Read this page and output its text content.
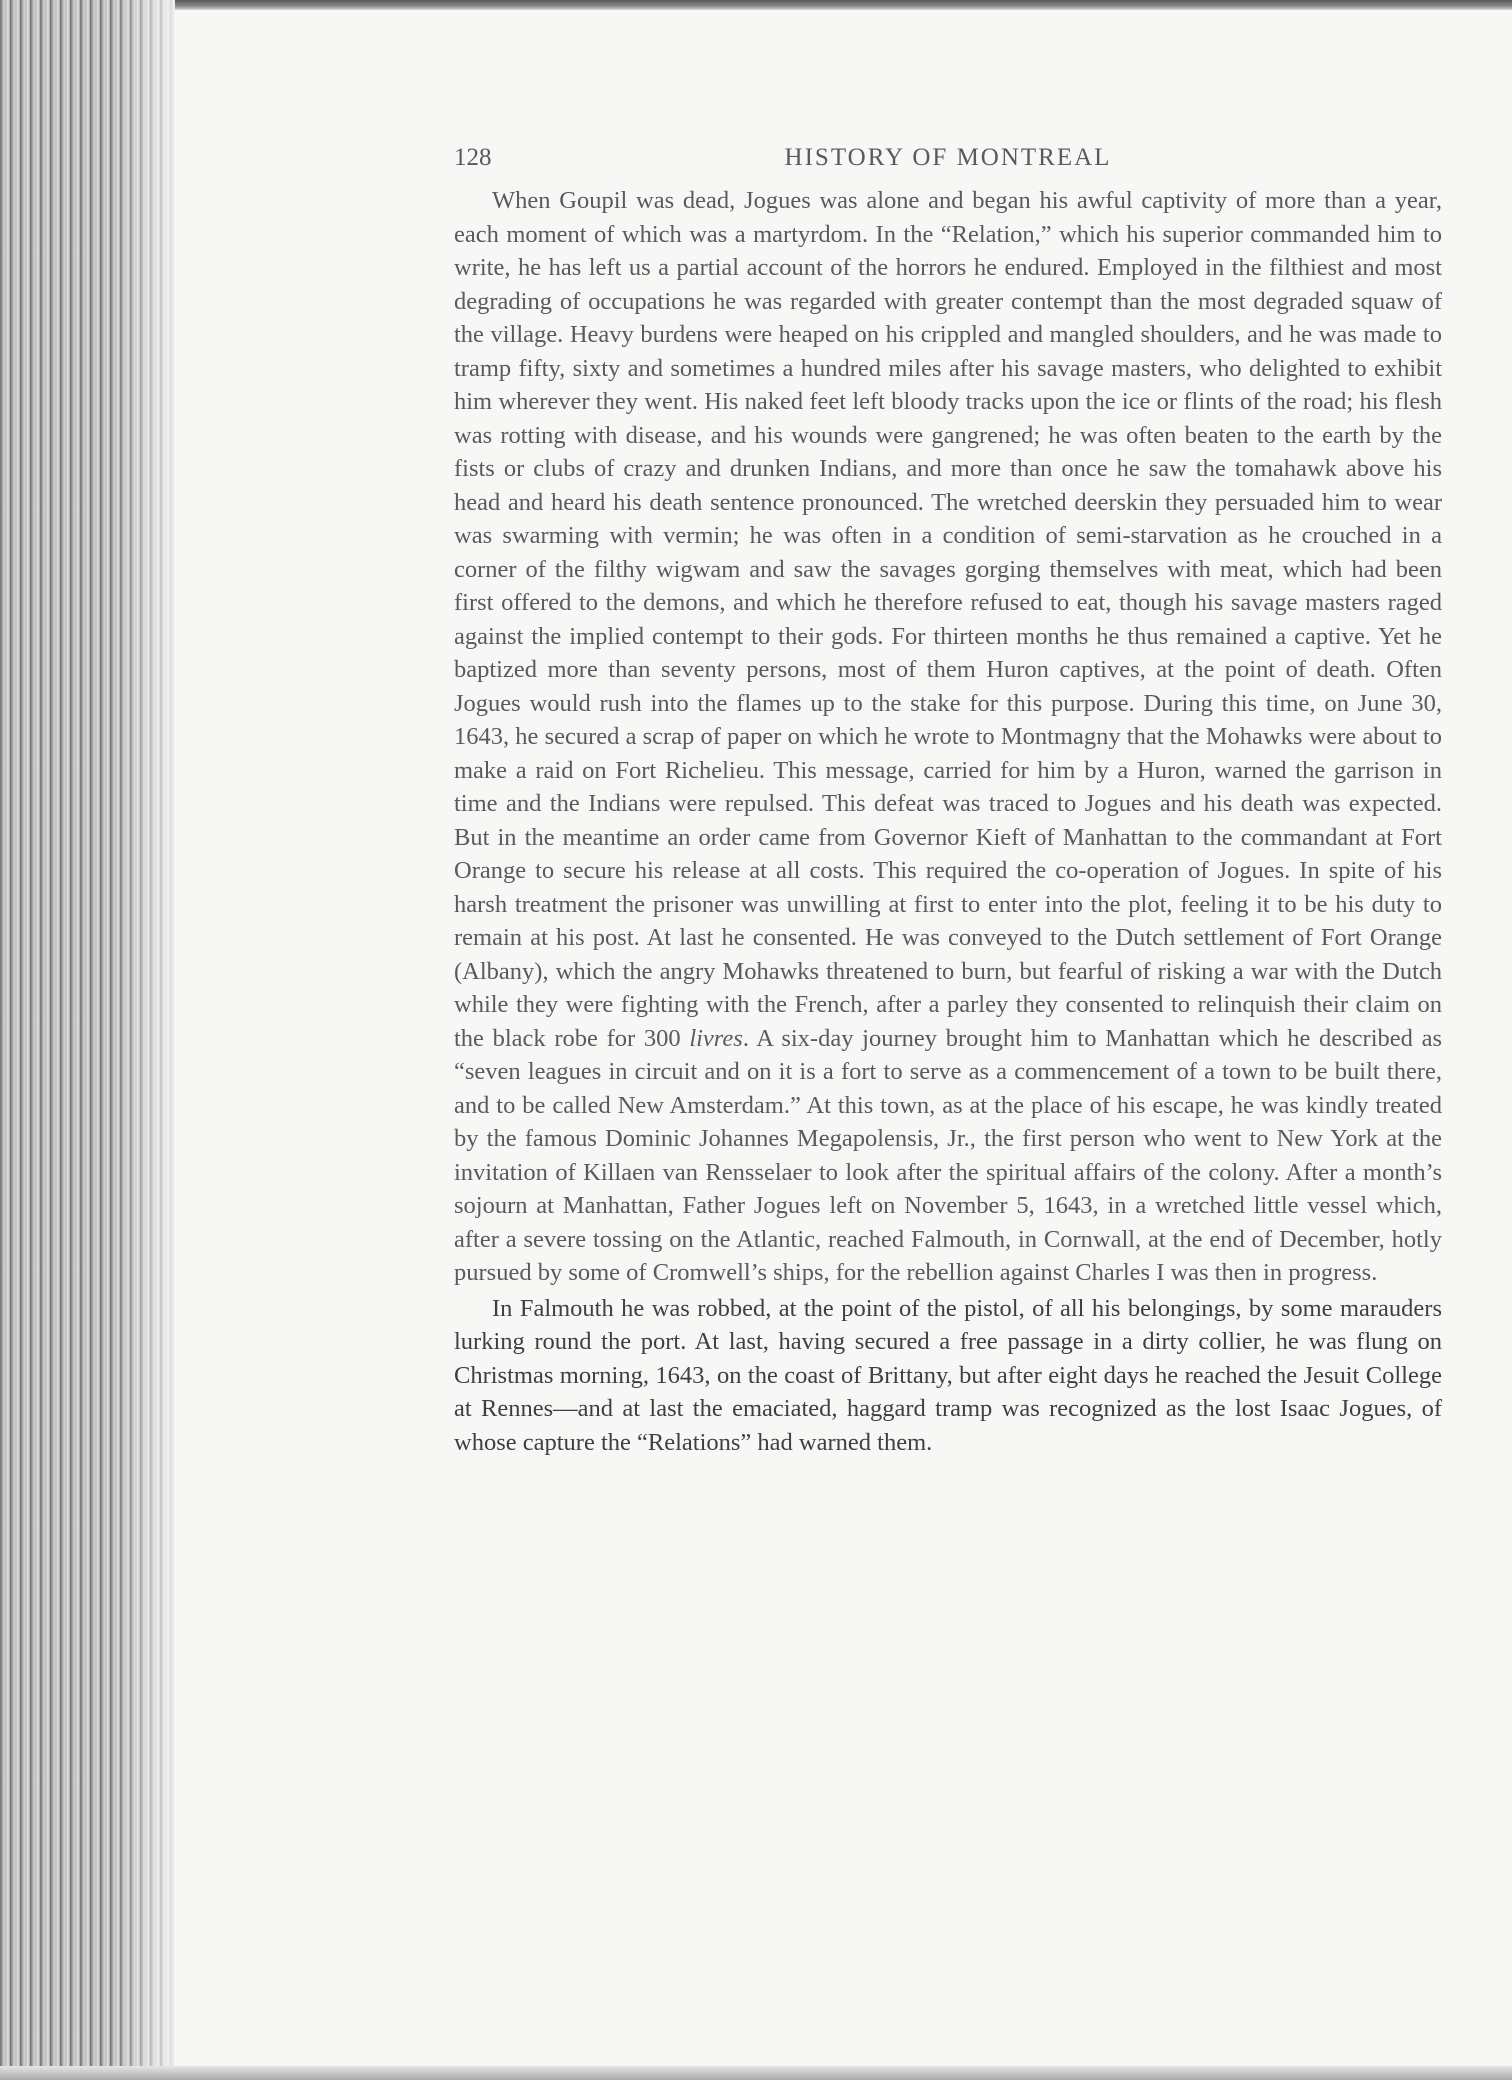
128	HISTORY OF MONTREAL

When Goupil was dead, Jogues was alone and began his awful captivity of more than a year, each moment of which was a martyrdom. In the “Relation,” which his superior commanded him to write, he has left us a partial account of the horrors he endured. Employed in the filthiest and most degrading of occupations he was regarded with greater contempt than the most degraded squaw of the village. Heavy burdens were heaped on his crippled and mangled shoulders, and he was made to tramp fifty, sixty and sometimes a hundred miles after his savage masters, who delighted to exhibit him wherever they went. His naked feet left bloody tracks upon the ice or flints of the road; his flesh was rotting with disease, and his wounds were gangrened; he was often beaten to the earth by the fists or clubs of crazy and drunken Indians, and more than once he saw the tomahawk above his head and heard his death sentence pronounced. The wretched deerskin they persuaded him to wear was swarming with vermin; he was often in a condition of semi-starvation as he crouched in a corner of the filthy wigwam and saw the savages gorging themselves with meat, which had been first offered to the demons, and which he therefore refused to eat, though his savage masters raged against the implied contempt to their gods. For thirteen months he thus remained a captive. Yet he baptized more than seventy persons, most of them Huron captives, at the point of death. Often Jogues would rush into the flames up to the stake for this purpose. During this time, on June 30, 1643, he secured a scrap of paper on which he wrote to Montmagny that the Mohawks were about to make a raid on Fort Richelieu. This message, carried for him by a Huron, warned the garrison in time and the Indians were repulsed. This defeat was traced to Jogues and his death was expected. But in the meantime an order came from Governor Kieft of Manhattan to the commandant at Fort Orange to secure his release at all costs. This required the co-operation of Jogues. In spite of his harsh treatment the prisoner was unwilling at first to enter into the plot, feeling it to be his duty to remain at his post. At last he consented. He was conveyed to the Dutch settlement of Fort Orange (Albany), which the angry Mohawks threatened to burn, but fearful of risking a war with the Dutch while they were fighting with the French, after a parley they consented to relinquish their claim on the black robe for 300 livres. A six-day journey brought him to Manhattan which he described as “seven leagues in circuit and on it is a fort to serve as a commencement of a town to be built there, and to be called New Amsterdam.” At this town, as at the place of his escape, he was kindly treated by the famous Dominic Johannes Megapolensis, Jr., the first person who went to New York at the invitation of Killaen van Rensselaer to look after the spiritual affairs of the colony. After a month’s sojourn at Manhattan, Father Jogues left on November 5, 1643, in a wretched little vessel which, after a severe tossing on the Atlantic, reached Falmouth, in Cornwall, at the end of December, hotly pursued by some of Cromwell’s ships, for the rebellion against Charles I was then in progress.

In Falmouth he was robbed, at the point of the pistol, of all his belongings, by some marauders lurking round the port. At last, having secured a free passage in a dirty collier, he was flung on Christmas morning, 1643, on the coast of Brittany, but after eight days he reached the Jesuit College at Rennes—and at last the emaciated, haggard tramp was recognized as the lost Isaac Jogues, of whose capture the “Relations” had warned them.
